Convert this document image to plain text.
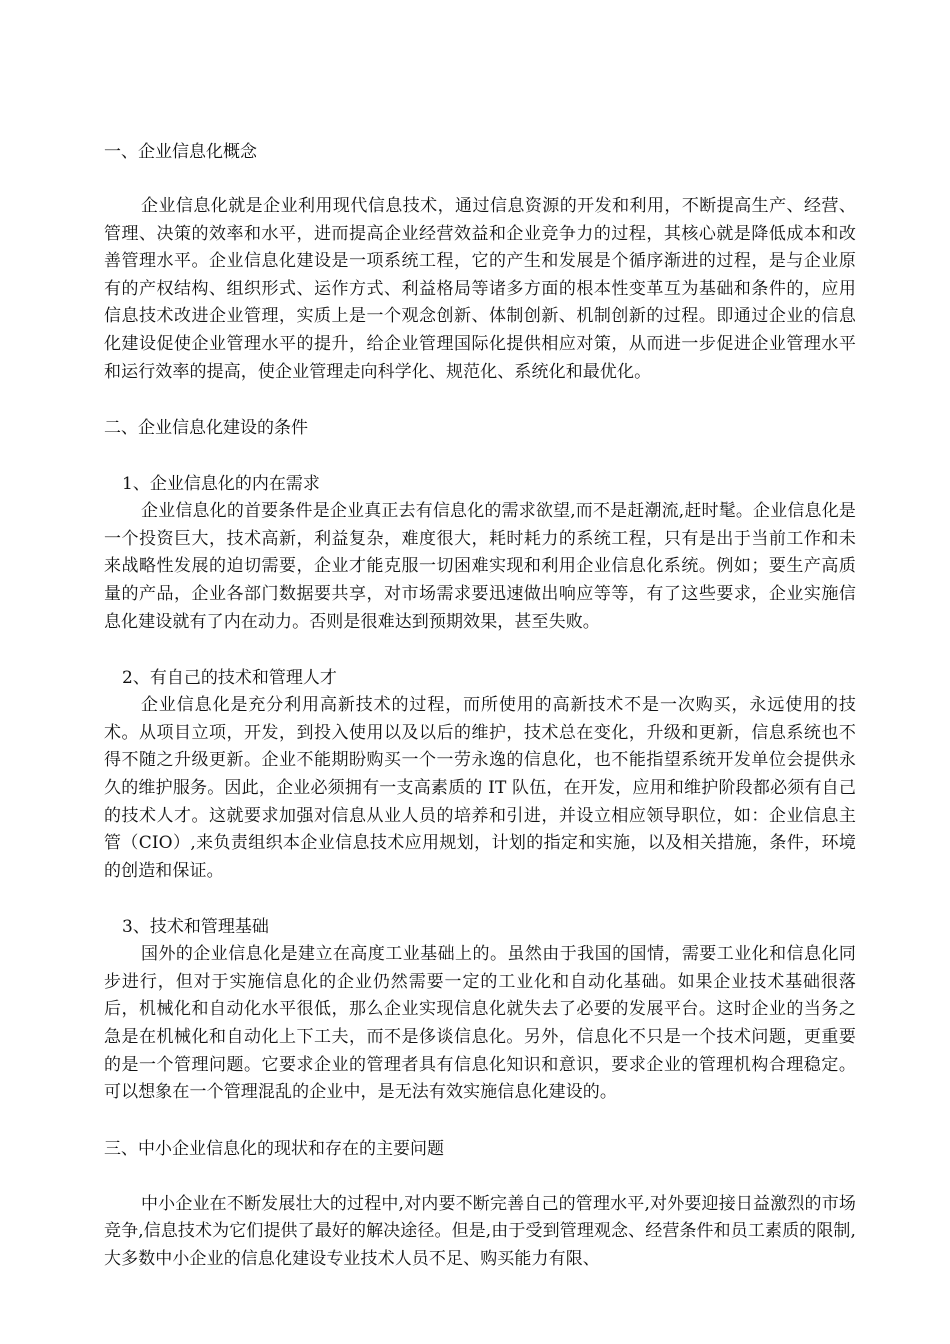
一、企业信息化概念

企业信息化就是企业利用现代信息技术，通过信息资源的开发和利用，不断提高生产、经营、管理、决策的效率和水平，进而提高企业经营效益和企业竞争力的过程，其核心就是降低成本和改善管理水平。企业信息化建设是一项系统工程，它的产生和发展是个循序渐进的过程，是与企业原有的产权结构、组织形式、运作方式、利益格局等诸多方面的根本性变革互为基础和条件的，应用信息技术改进企业管理，实质上是一个观念创新、体制创新、机制创新的过程。即通过企业的信息化建设促使企业管理水平的提升，给企业管理国际化提供相应对策，从而进一步促进企业管理水平和运行效率的提高，使企业管理走向科学化、规范化、系统化和最优化。

二、企业信息化建设的条件

1、企业信息化的内在需求

企业信息化的首要条件是企业真正去有信息化的需求欲望,而不是赶潮流,赶时髦。企业信息化是一个投资巨大，技术高新，利益复杂，难度很大，耗时耗力的系统工程，只有是出于当前工作和未来战略性发展的迫切需要，企业才能克服一切困难实现和利用企业信息化系统。例如；要生产高质量的产品，企业各部门数据要共享，对市场需求要迅速做出响应等等，有了这些要求，企业实施信息化建设就有了内在动力。否则是很难达到预期效果，甚至失败。

2、有自己的技术和管理人才

企业信息化是充分利用高新技术的过程，而所使用的高新技术不是一次购买，永远使用的技术。从项目立项，开发，到投入使用以及以后的维护，技术总在变化，升级和更新，信息系统也不得不随之升级更新。企业不能期盼购买一个一劳永逸的信息化，也不能指望系统开发单位会提供永久的维护服务。因此，企业必须拥有一支高素质的 IT 队伍，在开发，应用和维护阶段都必须有自己的技术人才。这就要求加强对信息从业人员的培养和引进，并设立相应领导职位，如：企业信息主管（CIO）,来负责组织本企业信息技术应用规划，计划的指定和实施，以及相关措施，条件，环境的创造和保证。

3、技术和管理基础

国外的企业信息化是建立在高度工业基础上的。虽然由于我国的国情，需要工业化和信息化同步进行，但对于实施信息化的企业仍然需要一定的工业化和自动化基础。如果企业技术基础很落后，机械化和自动化水平很低，那么企业实现信息化就失去了必要的发展平台。这时企业的当务之急是在机械化和自动化上下工夫，而不是侈谈信息化。另外，信息化不只是一个技术问题，更重要的是一个管理问题。它要求企业的管理者具有信息化知识和意识，要求企业的管理机构合理稳定。可以想象在一个管理混乱的企业中，是无法有效实施信息化建设的。

三、中小企业信息化的现状和存在的主要问题

中小企业在不断发展壮大的过程中,对内要不断完善自己的管理水平,对外要迎接日益激烈的市场竞争,信息技术为它们提供了最好的解决途径。但是,由于受到管理观念、经营条件和员工素质的限制,大多数中小企业的信息化建设专业技术人员不足、购买能力有限、
